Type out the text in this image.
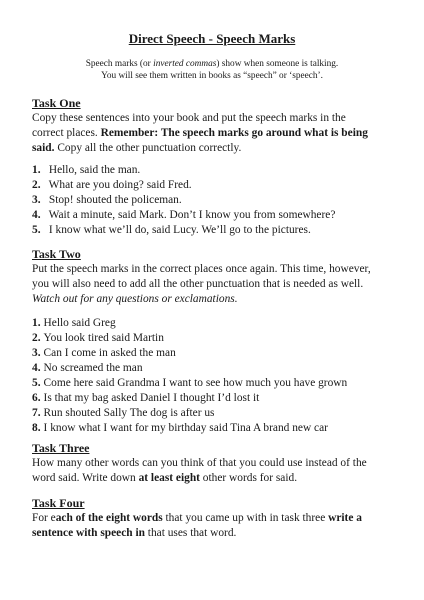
Direct Speech - Speech Marks
Speech marks (or inverted commas) show when someone is talking.
You will see them written in books as “speech” or ‘speech’.
Task One
Copy these sentences into your book and put the speech marks in the
correct places. Remember: The speech marks go around what is being
said. Copy all the other punctuation correctly.
1. Hello, said the man.
2. What are you doing? said Fred.
3. Stop! shouted the policeman.
4. Wait a minute, said Mark. Don’t I know you from somewhere?
5. I know what we’ll do, said Lucy. We’ll go to the pictures.
Task Two
Put the speech marks in the correct places once again. This time, however,
you will also need to add all the other punctuation that is needed as well.
Watch out for any questions or exclamations.
1. Hello said Greg
2. You look tired said Martin
3. Can I come in asked the man
4. No screamed the man
5. Come here said Grandma I want to see how much you have grown
6. Is that my bag asked Daniel I thought I’d lost it
7. Run shouted Sally The dog is after us
8. I know what I want for my birthday said Tina A brand new car
Task Three
How many other words can you think of that you could use instead of the
word said. Write down at least eight other words for said.
Task Four
For each of the eight words that you came up with in task three write a
sentence with speech in that uses that word.
